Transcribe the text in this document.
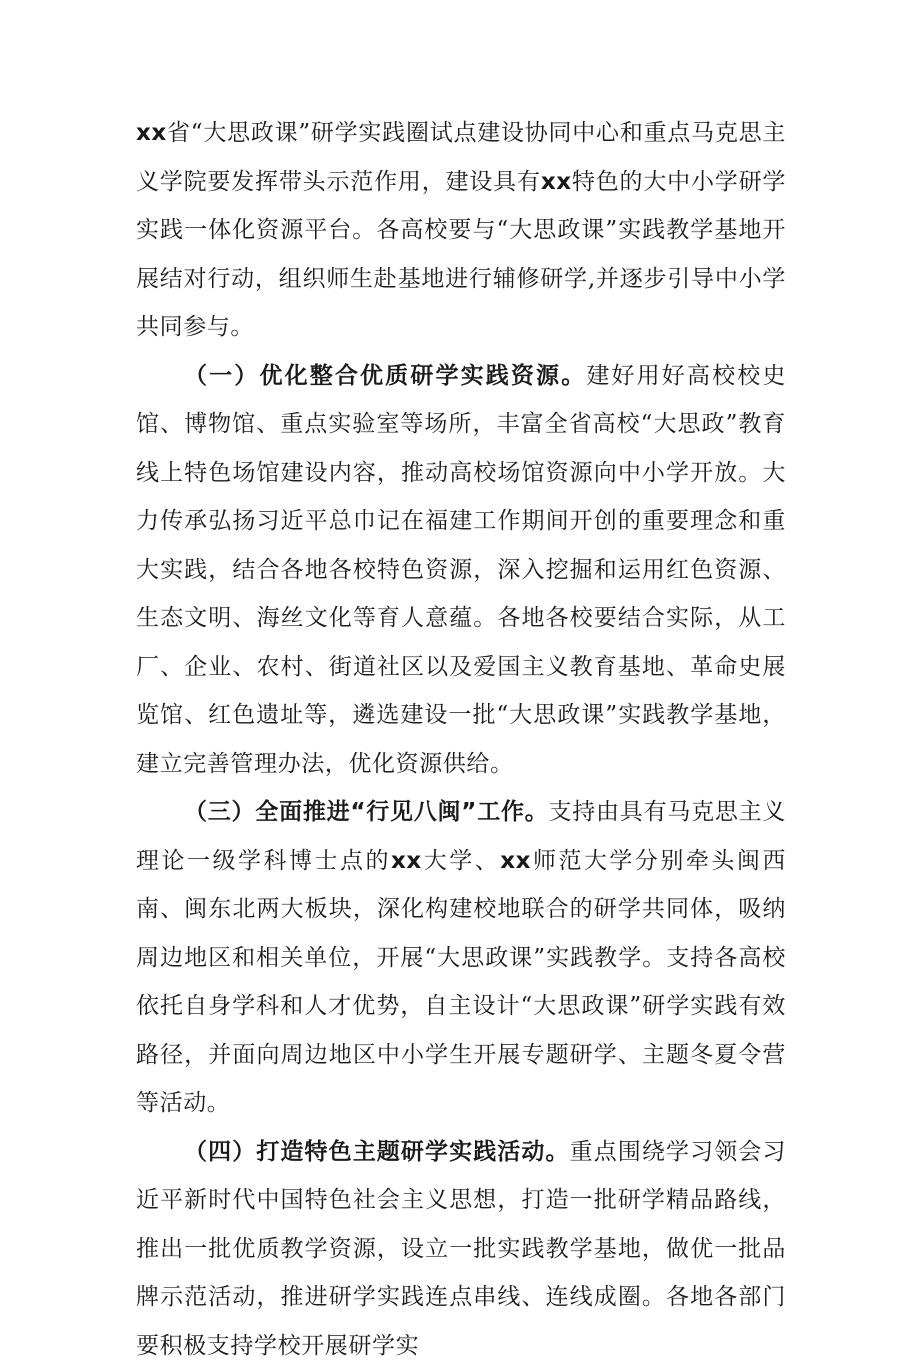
xx省“大思政课”研学实践圈试点建设协同中心和重点马克思主义学院要发挥带头示范作用，建设具有xx特色的大中小学研学实践一体化资源平台。各高校要与“大思政课”实践教学基地开展结对行动，组织师生赴基地进行辅修研学,并逐步引导中小学共同参与。

（一）优化整合优质研学实践资源。建好用好高校校史馆、博物馆、重点实验室等场所，丰富全省高校“大思政”教育线上特色场馆建设内容，推动高校场馆资源向中小学开放。大力传承弘扬习近平总巾记在福建工作期间开创的重要理念和重大实践，结合各地各校特色资源，深入挖掘和运用红色资源、生态文明、海丝文化等育人意蕴。各地各校要结合实际，从工厂、企业、农村、街道社区以及爱国主义教育基地、革命史展览馆、红色遗址等，遴选建设一批“大思政课”实践教学基地，建立完善管理办法，优化资源供给。

（三）全面推进“行见八闽”工作。支持由具有马克思主义理论一级学科博士点的xx大学、xx师范大学分别牵头闽西南、闽东北两大板块，深化构建校地联合的研学共同体，吸纳周边地区和相关单位，开展“大思政课”实践教学。支持各高校依托自身学科和人才优势，自主设计“大思政课”研学实践有效路径，并面向周边地区中小学生开展专题研学、主题冬夏令营等活动。

（四）打造特色主题研学实践活动。重点围绕学习领会习近平新时代中国特色社会主义思想，打造一批研学精品路线，推出一批优质教学资源，设立一批实践教学基地，做优一批品牌示范活动，推进研学实践连点串线、连线成圈。各地各部门要积极支持学校开展研学实
